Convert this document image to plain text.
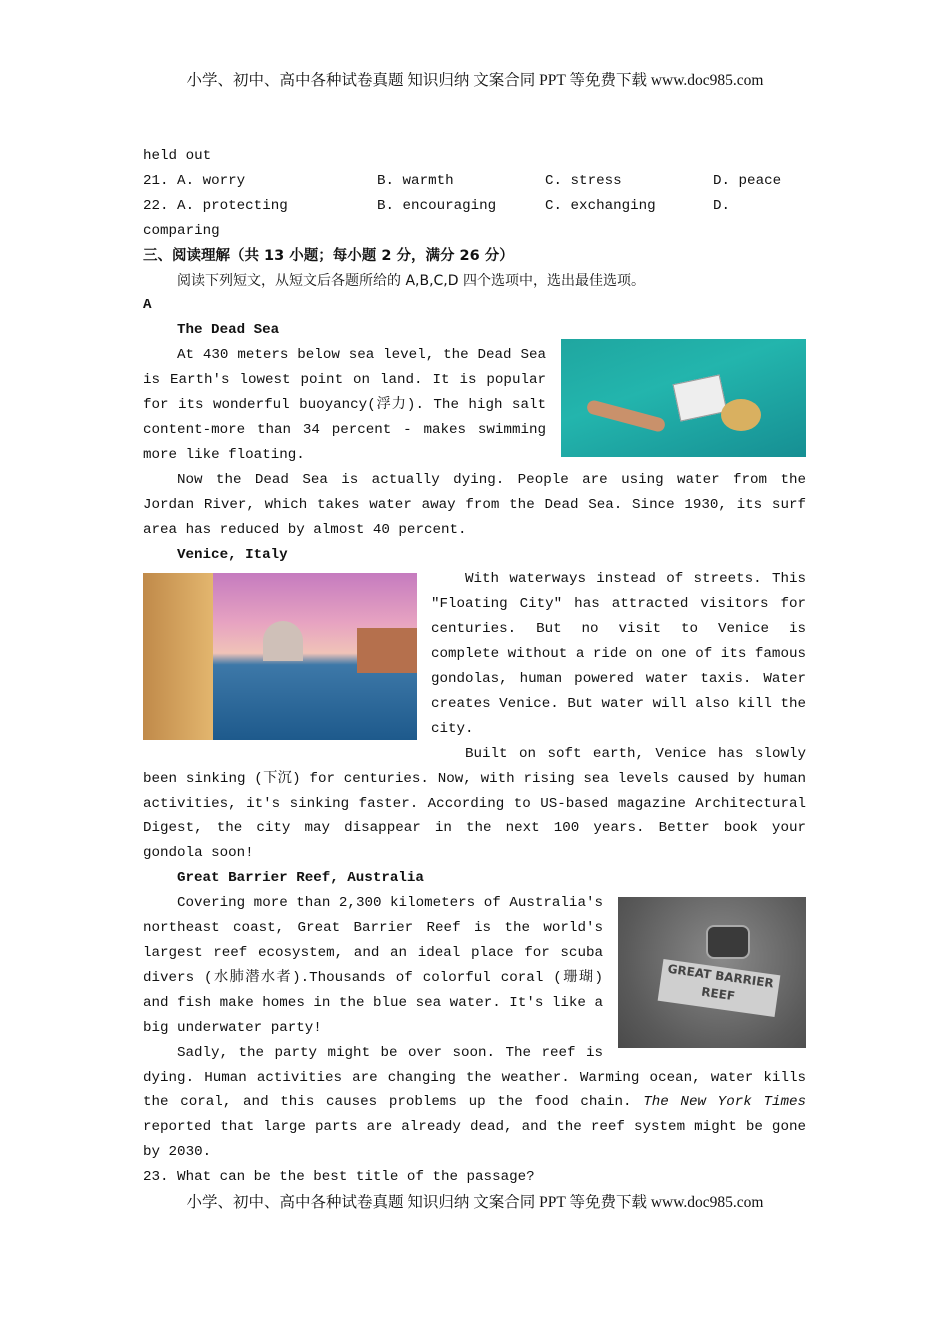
小学、初中、高中各种试卷真题 知识归纳 文案合同 PPT 等免费下载 www.doc985.com

held out

21. A. worry	B. warmth	C. stress	D. peace
22. A. protecting	B. encouraging	C. exchanging	D.

comparing

三、阅读理解（共 13 小题；每小题 2 分，满分 26 分）

阅读下列短文，从短文后各题所给的 A,B,C,D 四个选项中，选出最佳选项。

A

The Dead Sea

At 430 meters below sea level, the Dead Sea is Earth's lowest point on land. It is popular for its wonderful buoyancy(浮力). The high salt content-more than 34 percent - makes swimming more like floating.

Now the Dead Sea is actually dying. People are using water from the Jordan River, which takes water away from the Dead Sea. Since 1930, its surf area has reduced by almost 40 percent.

Venice, Italy

With waterways instead of streets. This "Floating City" has attracted visitors for centuries. But no visit to Venice is complete without a ride on one of its famous gondolas, human powered water taxis. Water creates Venice. But water will also kill the city.

Built on soft earth, Venice has slowly been sinking (下沉) for centuries. Now, with rising sea levels caused by human activities, it's sinking faster. According to US-based magazine Architectural Digest, the city may disappear in the next 100 years. Better book your gondola soon!

Great Barrier Reef, Australia

GREAT BARRIER REEF

Covering more than 2,300 kilometers of Australia's northeast coast, Great Barrier Reef is the world's largest reef ecosystem, and an ideal place for scuba divers (水肺潜水者).Thousands of colorful coral (珊瑚) and fish make homes in the blue sea water. It's like a big underwater party!

Sadly, the party might be over soon. The reef is dying. Human activities are changing the weather. Warming ocean, water kills the coral, and this causes problems up the food chain. The New York Times reported that large parts are already dead, and the reef system might be gone by 2030.

23. What can be the best title of the passage?

小学、初中、高中各种试卷真题 知识归纳 文案合同 PPT 等免费下载 www.doc985.com
